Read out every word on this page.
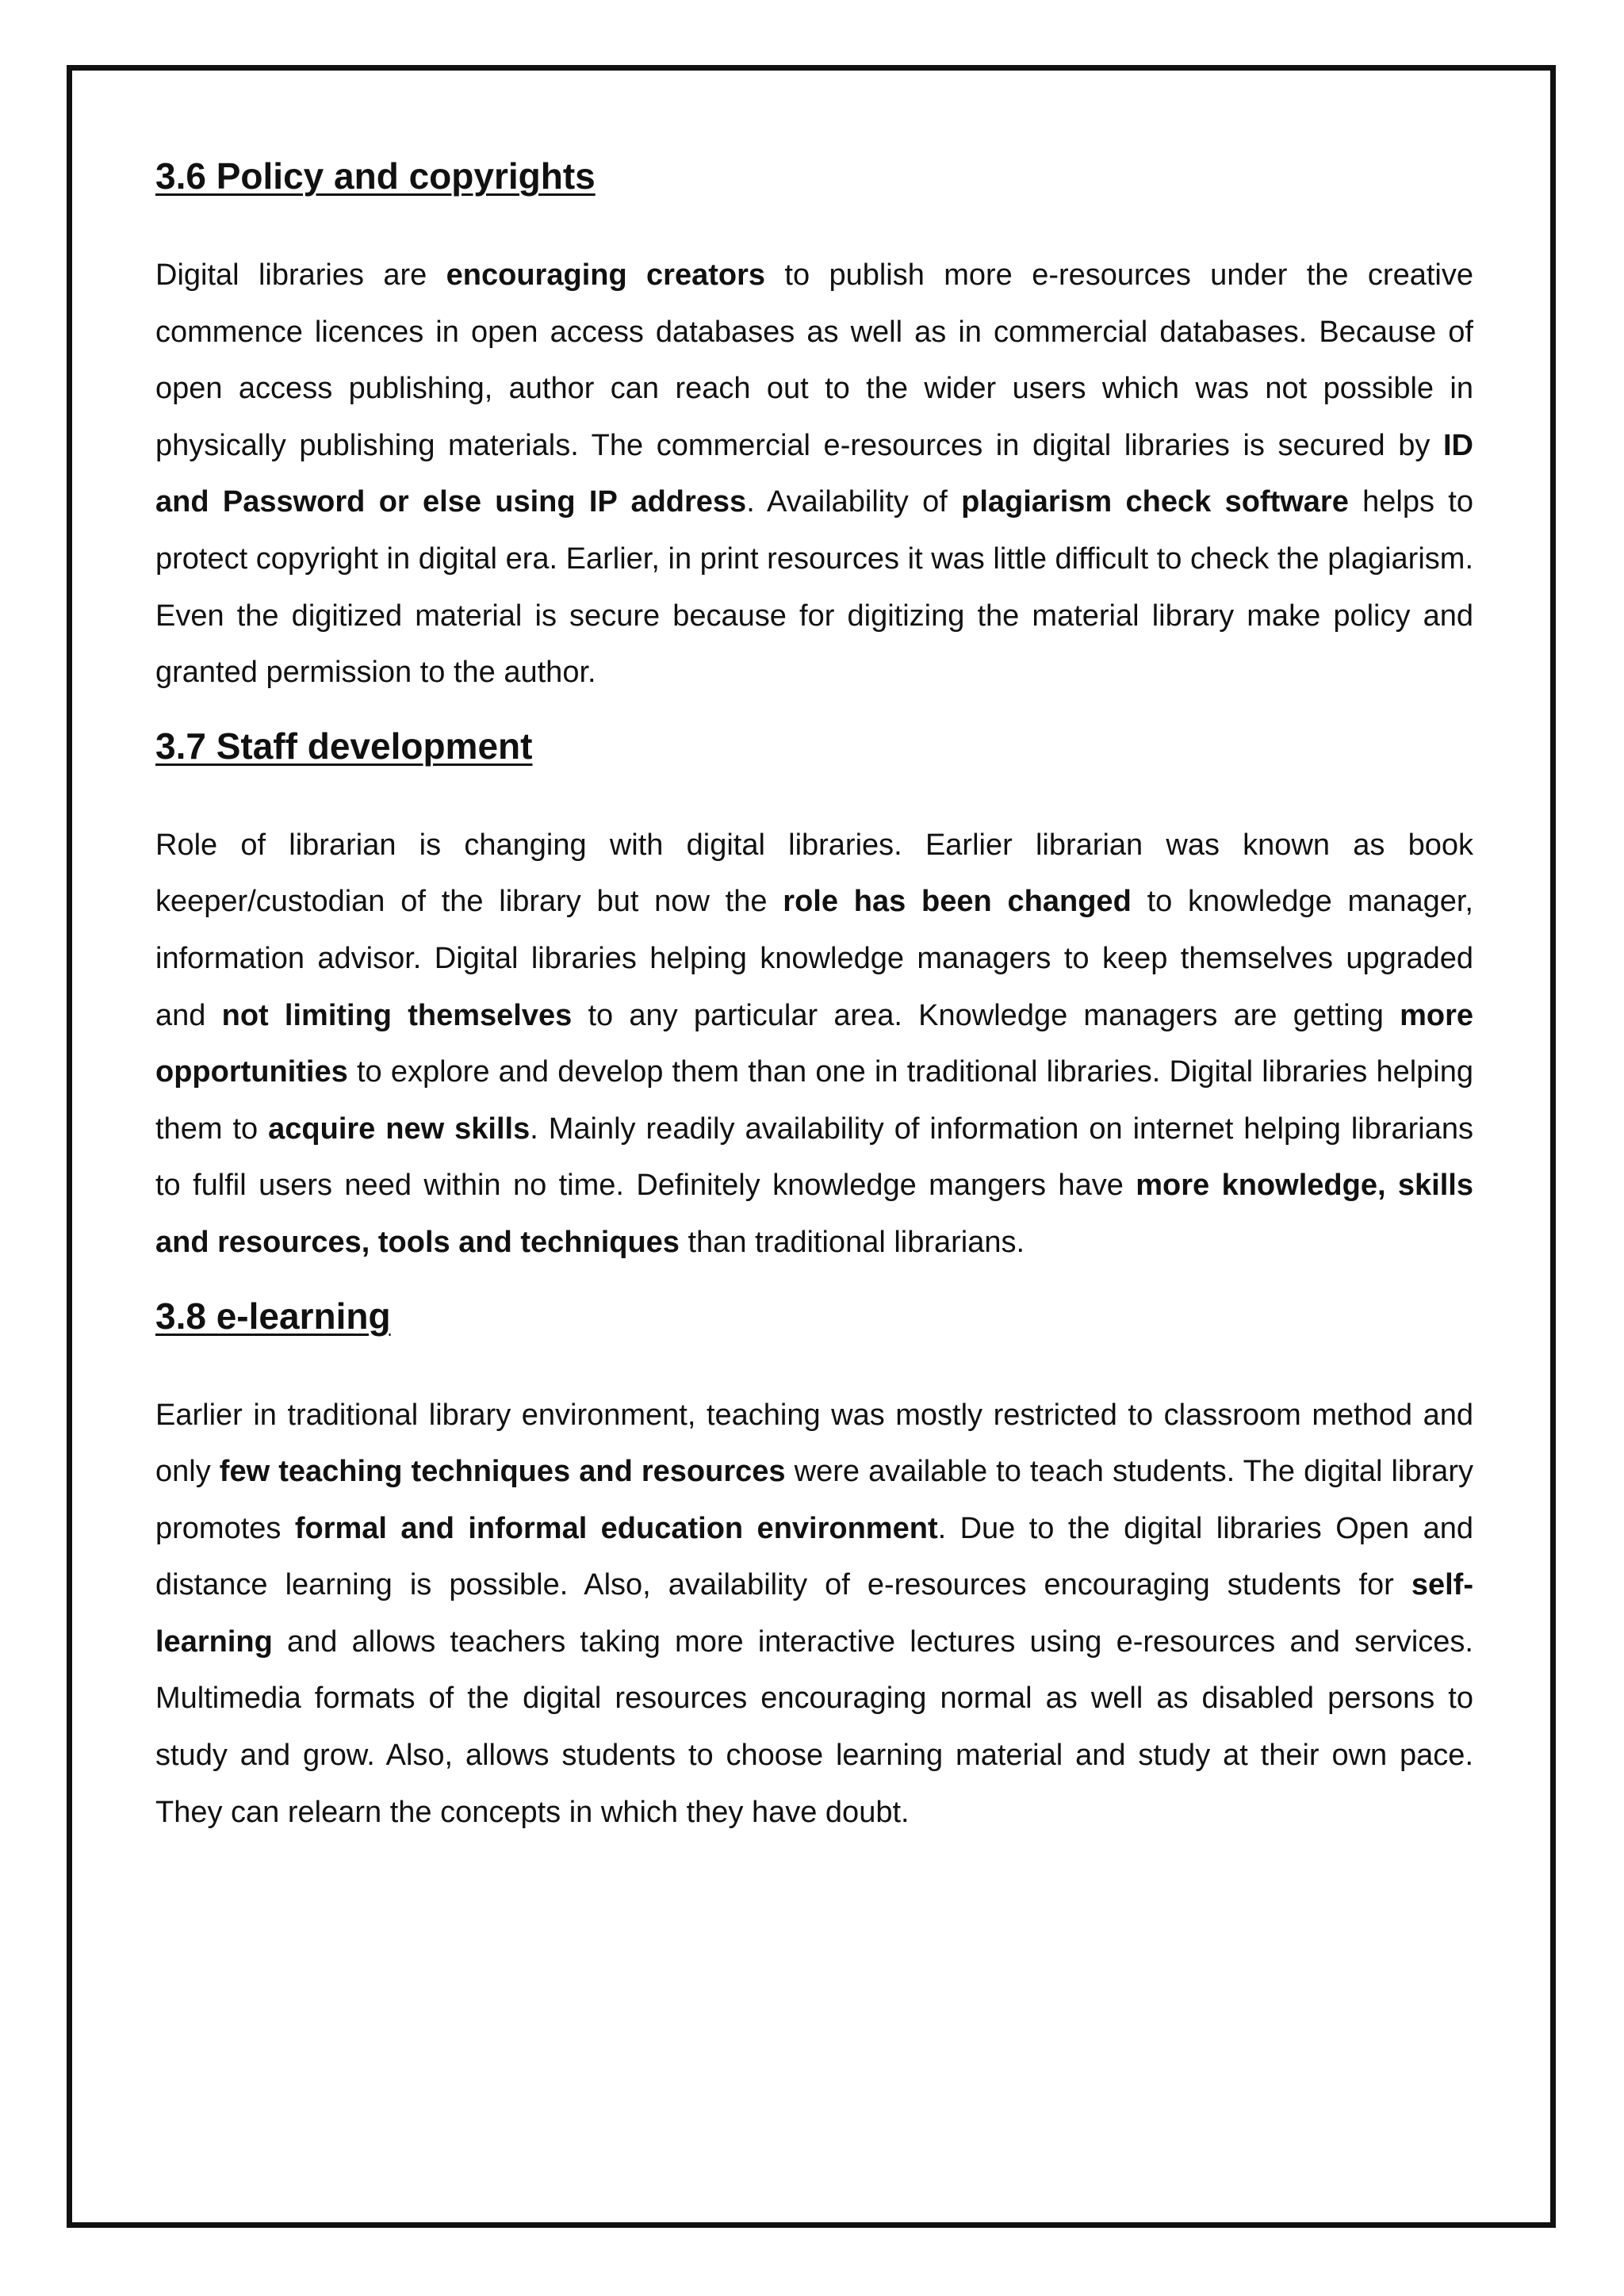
3.6 Policy and copyrights

Digital libraries are encouraging creators to publish more e-resources under the creative commence licences in open access databases as well as in commercial databases. Because of open access publishing, author can reach out to the wider users which was not possible in physically publishing materials. The commercial e-resources in digital libraries is secured by ID and Password or else using IP address. Availability of plagiarism check software helps to protect copyright in digital era. Earlier, in print resources it was little difficult to check the plagiarism. Even the digitized material is secure because for digitizing the material library make policy and granted permission to the author.

3.7 Staff development

Role of librarian is changing with digital libraries. Earlier librarian was known as book keeper/custodian of the library but now the role has been changed to knowledge manager, information advisor. Digital libraries helping knowledge managers to keep themselves upgraded and not limiting themselves to any particular area. Knowledge managers are getting more opportunities to explore and develop them than one in traditional libraries. Digital libraries helping them to acquire new skills. Mainly readily availability of information on internet helping librarians to fulfil users need within no time. Definitely knowledge mangers have more knowledge, skills and resources, tools and techniques than traditional librarians.

3.8 e-learning

Earlier in traditional library environment, teaching was mostly restricted to classroom method and only few teaching techniques and resources were available to teach students. The digital library promotes formal and informal education environment. Due to the digital libraries Open and distance learning is possible. Also, availability of e-resources encouraging students for self-learning and allows teachers taking more interactive lectures using e-resources and services. Multimedia formats of the digital resources encouraging normal as well as disabled persons to study and grow. Also, allows students to choose learning material and study at their own pace. They can relearn the concepts in which they have doubt.
